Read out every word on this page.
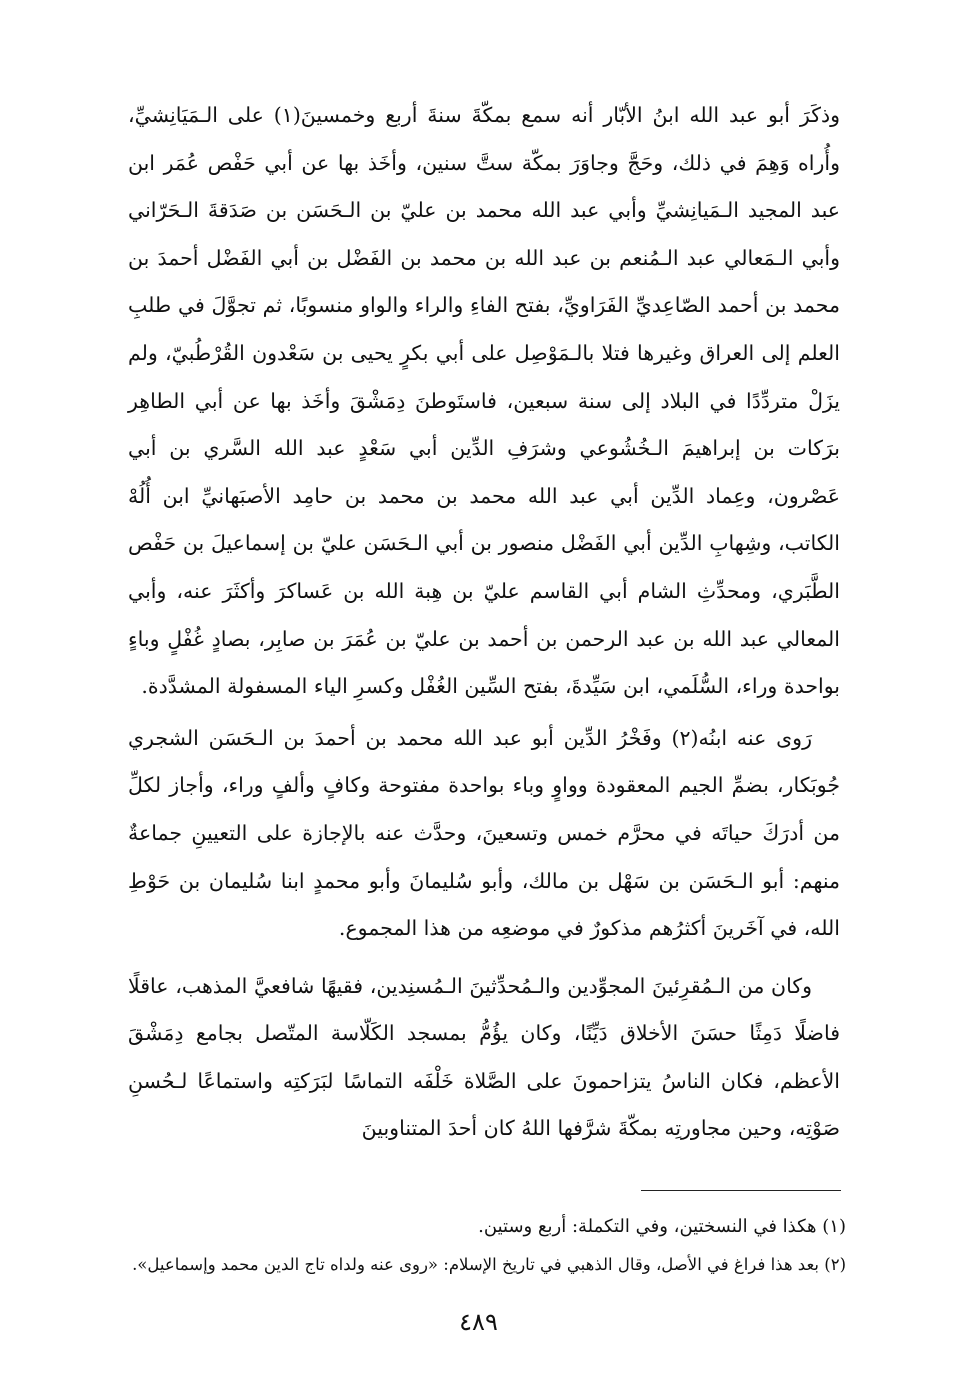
وذكَرَ أبو عبد الله ابنُ الأبّار أنه سمع بمكّةَ سنةَ أربع وخمسينَ(١) على الـمَيَانِشيِّ، وأُراه وَهِمَ في ذلك، وحَجَّ وجاوَرَ بمكّة ستَّ سنين، وأخَذ بها عن أبي حَفْص عُمَر ابن عبد المجيد الـمَيانِشيِّ وأبي عبد الله محمد بن عليّ بن الـحَسَن بن صَدَقةَ الـحَرّاني وأبي الـمَعالي عبد الـمُنعم بن عبد الله بن محمد بن الفَضْل بن أبي الفَضْل أحمدَ بن محمد بن أحمد الصّاعِديِّ الفَرَاويِّ، بفتح الفاءِ والراء والواو منسوبًا، ثم تجوَّلَ في طلبِ العلم إلى العراق وغيرها فتلا بالـمَوْصِل على أبي بكرٍ يحيى بن سَعْدون القُرْطُبيّ، ولم يزَلْ متردِّدًا في البلاد إلى سنة سبعين، فاستَوطنَ دِمَشْقَ وأخَذ بها عن أبي الطاهِر برَكات بن إبراهيمَ الـخُشُوعي وشرَفِ الدِّين أبي سَعْدٍ عبد الله السَّري بن أبي عَصْرون، وعِماد الدِّين أبي عبد الله محمد بن محمد بن حامِد الأصبَهانيِّ ابن أُلُهْ الكاتب، وشِهابِ الدِّين أبي الفَضْل منصور بن أبي الـحَسَن عليّ بن إسماعيلَ بن حَفْص الطَّبَري، ومحدِّثِ الشام أبي القاسم عليّ بن هِبة الله بن عَساكرَ وأكثَرَ عنه، وأبي المعالي عبد الله بن عبد الرحمن بن أحمد بن عليّ بن عُمَرَ بن صابِر، بصادٍ غُفْلٍ وباءٍ بواحدة وراء، السُّلَمي، ابن سَيِّدةَ، بفتح السِّين الغُفْل وكسرِ الياء المسفولة المشدَّدة.

رَوى عنه ابنُه(٢) وفَخْرُ الدِّين أبو عبد الله محمد بن أحمدَ بن الـحَسَن الشجري جُوبَكار، بضمِّ الجيم المعقودة وواوٍ وباء بواحدة مفتوحة وكافٍ وألفٍ وراء، وأجاز لكلِّ من أدرَكَ حياتَه في محرَّم خمس وتسعينَ، وحدَّث عنه بالإجازة على التعيينِ جماعةٌ منهم: أبو الـحَسَن بن سَهْل بن مالك، وأبو سُليمانَ وأبو محمدٍ ابنا سُليمان بن حَوْطِ الله، في آخَرينَ أكثرُهم مذكورٌ في موضعِه من هذا المجموع.

وكان من الـمُقرِئينَ المجوِّدين والـمُحدِّثينَ الـمُسنِدين، فقيهًا شافعيَّ المذهب، عاقلًا فاضلًا دَمِثًا حسَنَ الأخلاق دَيِّنًا، وكان يؤُمُّ بمسجد الكَلّاسة المتّصل بجامع دِمَشْقَ الأعظم، فكان الناسُ يتزاحمونَ على الصَّلاة خَلْفَه التماسًا لبَرَكتِه واستماعًا لـحُسنِ صَوْتِه، وحين مجاورتِه بمكّةَ شرَّفها اللهُ كان أحدَ المتناوبينَ

(١) هكذا في النسختين، وفي التكملة: أربع وستين.

(٢) بعد هذا فراغ في الأصل، وقال الذهبي في تاريخ الإسلام: «روى عنه ولداه تاج الدين محمد وإسماعيل».

٤٨٩
